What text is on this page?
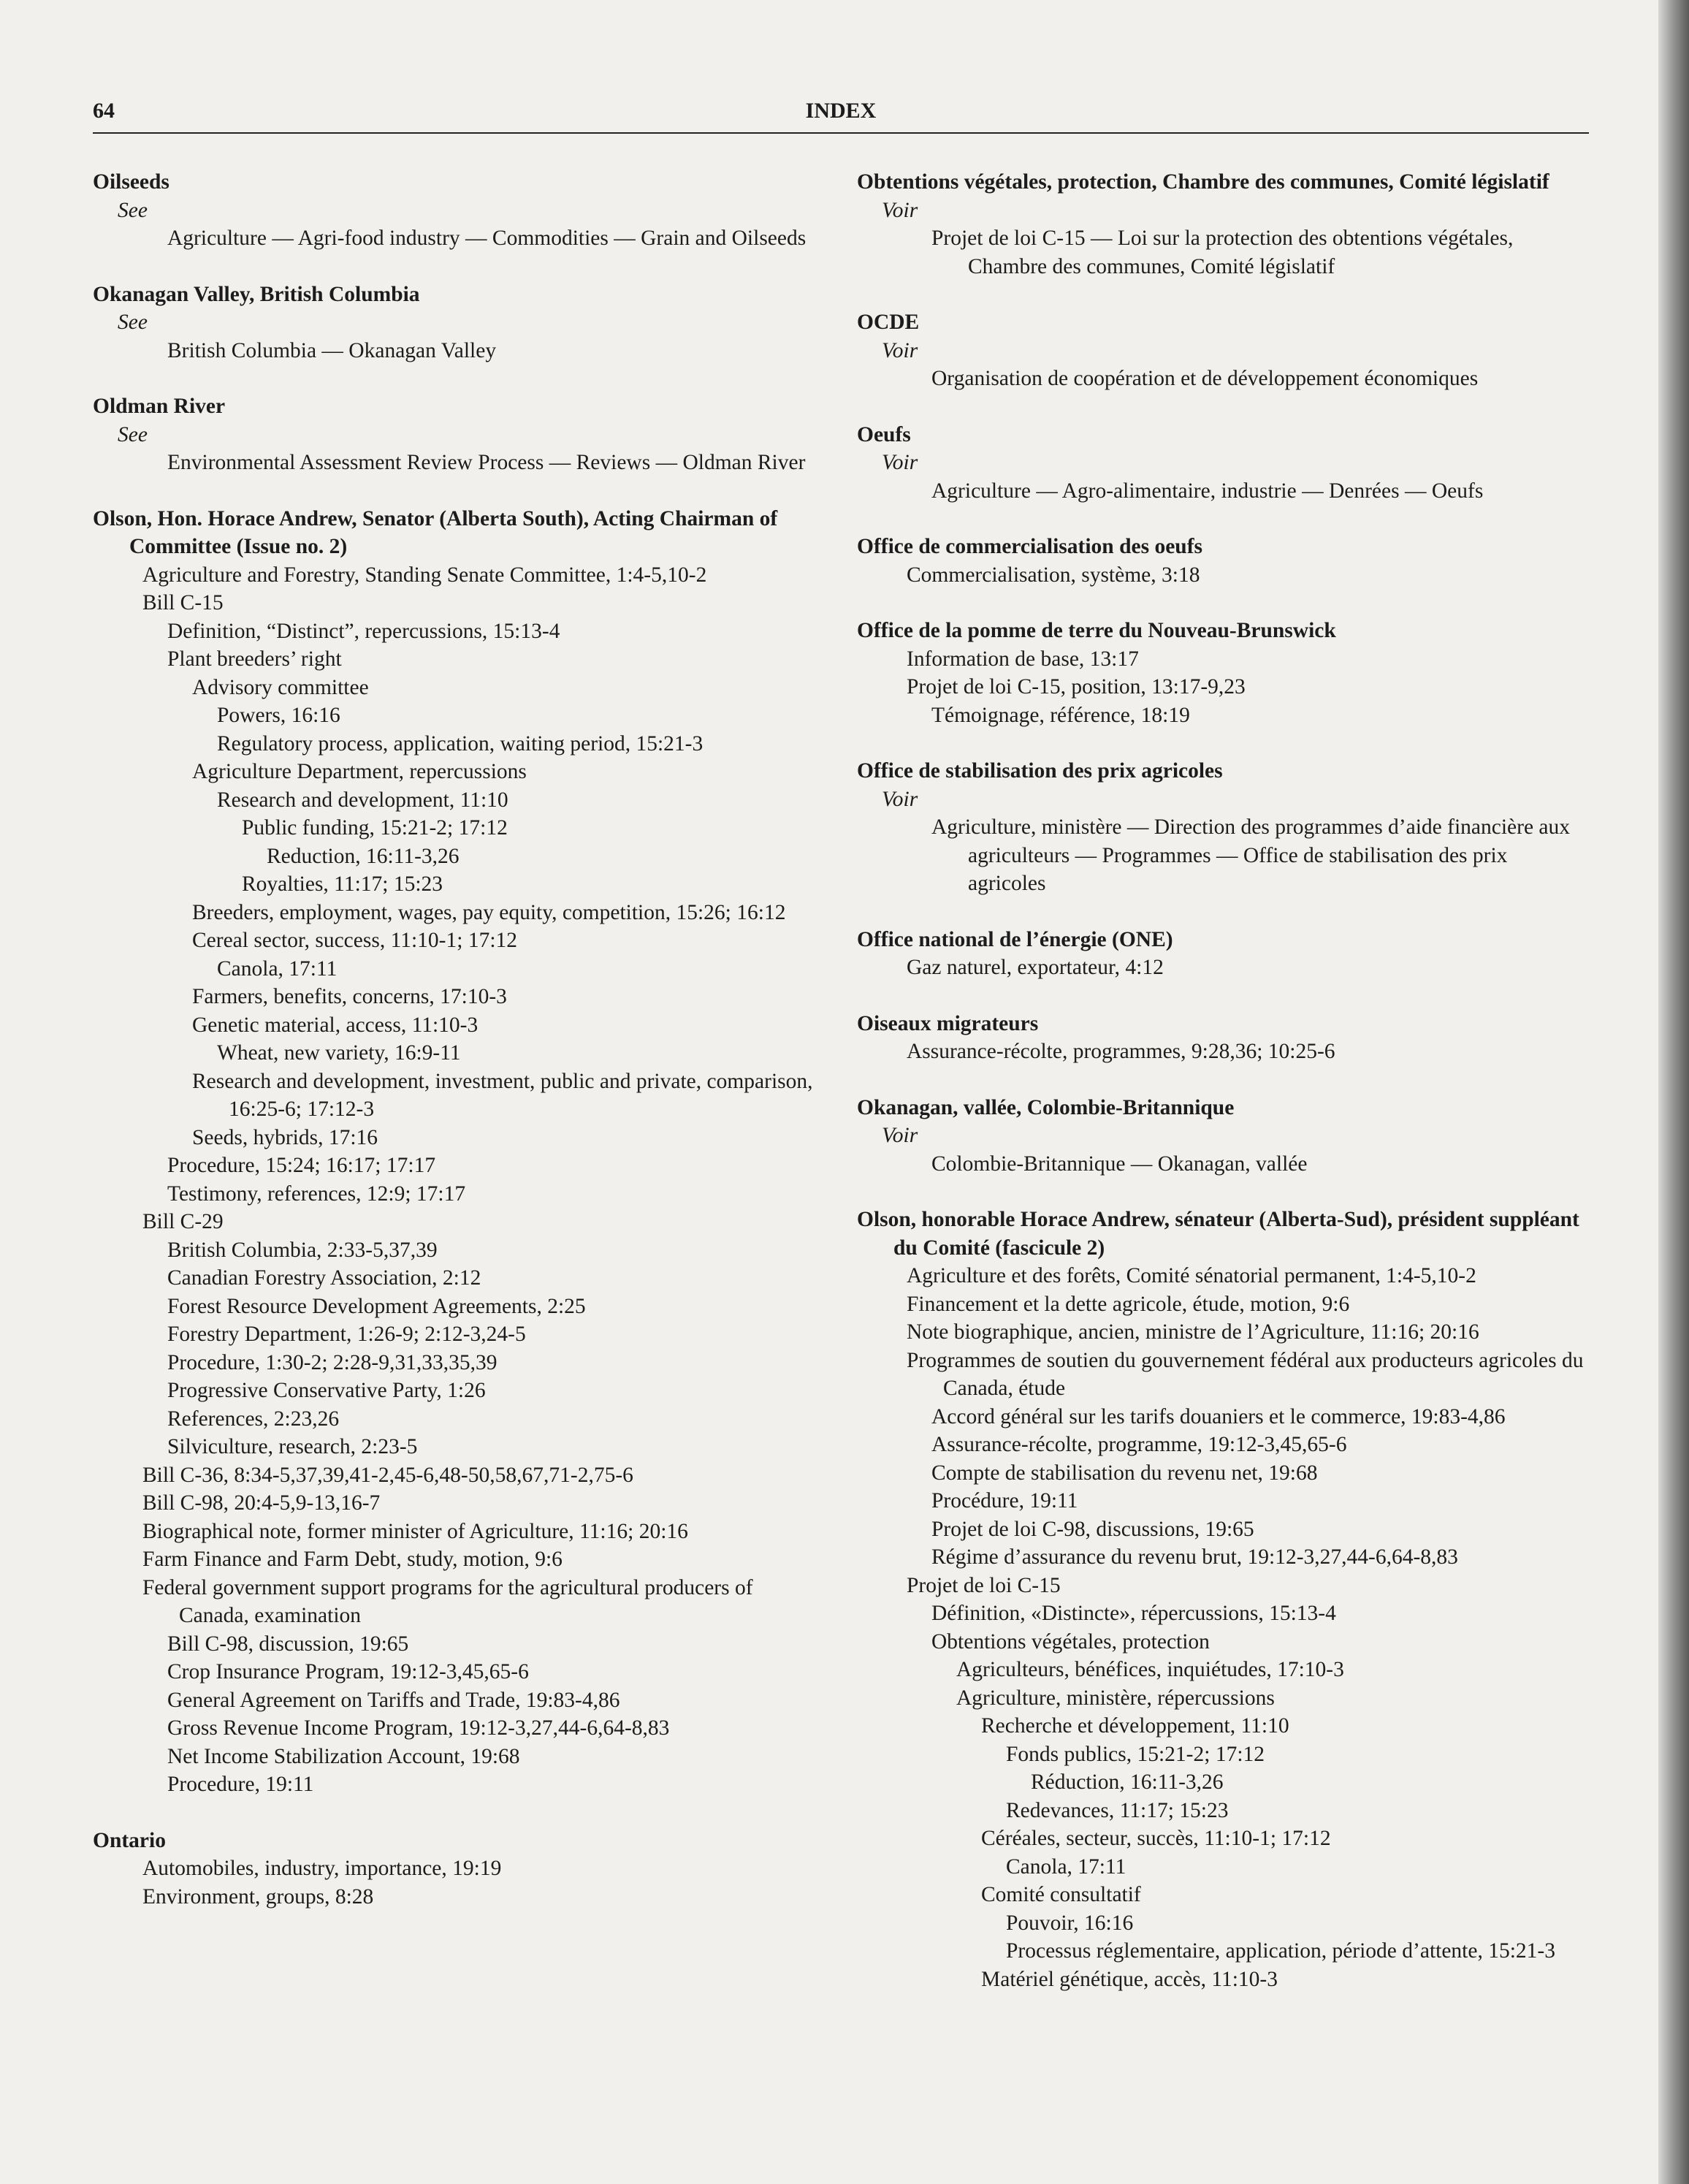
64	INDEX
Oilseeds
See
Agriculture — Agri-food industry — Commodities — Grain and Oilseeds
Okanagan Valley, British Columbia
See
British Columbia — Okanagan Valley
Oldman River
See
Environmental Assessment Review Process — Reviews — Oldman River
Olson, Hon. Horace Andrew, Senator (Alberta South), Acting Chairman of Committee (Issue no. 2)
Agriculture and Forestry, Standing Senate Committee, 1:4-5,10-2
Bill C-15
Definition, “Distinct”, repercussions, 15:13-4
Plant breeders’ right
Advisory committee
Powers, 16:16
Regulatory process, application, waiting period, 15:21-3
Agriculture Department, repercussions
Research and development, 11:10
Public funding, 15:21-2; 17:12
Reduction, 16:11-3,26
Royalties, 11:17; 15:23
Breeders, employment, wages, pay equity, competition, 15:26; 16:12
Cereal sector, success, 11:10-1; 17:12
Canola, 17:11
Farmers, benefits, concerns, 17:10-3
Genetic material, access, 11:10-3
Wheat, new variety, 16:9-11
Research and development, investment, public and private, comparison, 16:25-6; 17:12-3
Seeds, hybrids, 17:16
Procedure, 15:24; 16:17; 17:17
Testimony, references, 12:9; 17:17
Bill C-29
British Columbia, 2:33-5,37,39
Canadian Forestry Association, 2:12
Forest Resource Development Agreements, 2:25
Forestry Department, 1:26-9; 2:12-3,24-5
Procedure, 1:30-2; 2:28-9,31,33,35,39
Progressive Conservative Party, 1:26
References, 2:23,26
Silviculture, research, 2:23-5
Bill C-36, 8:34-5,37,39,41-2,45-6,48-50,58,67,71-2,75-6
Bill C-98, 20:4-5,9-13,16-7
Biographical note, former minister of Agriculture, 11:16; 20:16
Farm Finance and Farm Debt, study, motion, 9:6
Federal government support programs for the agricultural producers of Canada, examination
Bill C-98, discussion, 19:65
Crop Insurance Program, 19:12-3,45,65-6
General Agreement on Tariffs and Trade, 19:83-4,86
Gross Revenue Income Program, 19:12-3,27,44-6,64-8,83
Net Income Stabilization Account, 19:68
Procedure, 19:11
Ontario
Automobiles, industry, importance, 19:19
Environment, groups, 8:28
Obtentions végétales, protection, Chambre des communes, Comité législatif
Voir
Projet de loi C-15 — Loi sur la protection des obtentions végétales, Chambre des communes, Comité législatif
OCDE
Voir
Organisation de coopération et de développement économiques
Oeufs
Voir
Agriculture — Agro-alimentaire, industrie — Denrées — Oeufs
Office de commercialisation des oeufs
Commercialisation, système, 3:18
Office de la pomme de terre du Nouveau-Brunswick
Information de base, 13:17
Projet de loi C-15, position, 13:17-9,23
Témoignage, référence, 18:19
Office de stabilisation des prix agricoles
Voir
Agriculture, ministère — Direction des programmes d’aide financière aux agriculteurs — Programmes — Office de stabilisation des prix agricoles
Office national de l’énergie (ONE)
Gaz naturel, exportateur, 4:12
Oiseaux migrateurs
Assurance-récolte, programmes, 9:28,36; 10:25-6
Okanagan, vallée, Colombie-Britannique
Voir
Colombie-Britannique — Okanagan, vallée
Olson, honorable Horace Andrew, sénateur (Alberta-Sud), président suppléant du Comité (fascicule 2)
Agriculture et des forêts, Comité sénatorial permanent, 1:4-5,10-2
Financement et la dette agricole, étude, motion, 9:6
Note biographique, ancien, ministre de l’Agriculture, 11:16; 20:16
Programmes de soutien du gouvernement fédéral aux producteurs agricoles du Canada, étude
Accord général sur les tarifs douaniers et le commerce, 19:83-4,86
Assurance-récolte, programme, 19:12-3,45,65-6
Compte de stabilisation du revenu net, 19:68
Procédure, 19:11
Projet de loi C-98, discussions, 19:65
Régime d’assurance du revenu brut, 19:12-3,27,44-6,64-8,83
Projet de loi C-15
Définition, «Distincte», répercussions, 15:13-4
Obtentions végétales, protection
Agriculteurs, bénéfices, inquiétudes, 17:10-3
Agriculture, ministère, répercussions
Recherche et développement, 11:10
Fonds publics, 15:21-2; 17:12
Réduction, 16:11-3,26
Redevances, 11:17; 15:23
Céréales, secteur, succès, 11:10-1; 17:12
Canola, 17:11
Comité consultatif
Pouvoir, 16:16
Processus réglementaire, application, période d’attente, 15:21-3
Matériel génétique, accès, 11:10-3
